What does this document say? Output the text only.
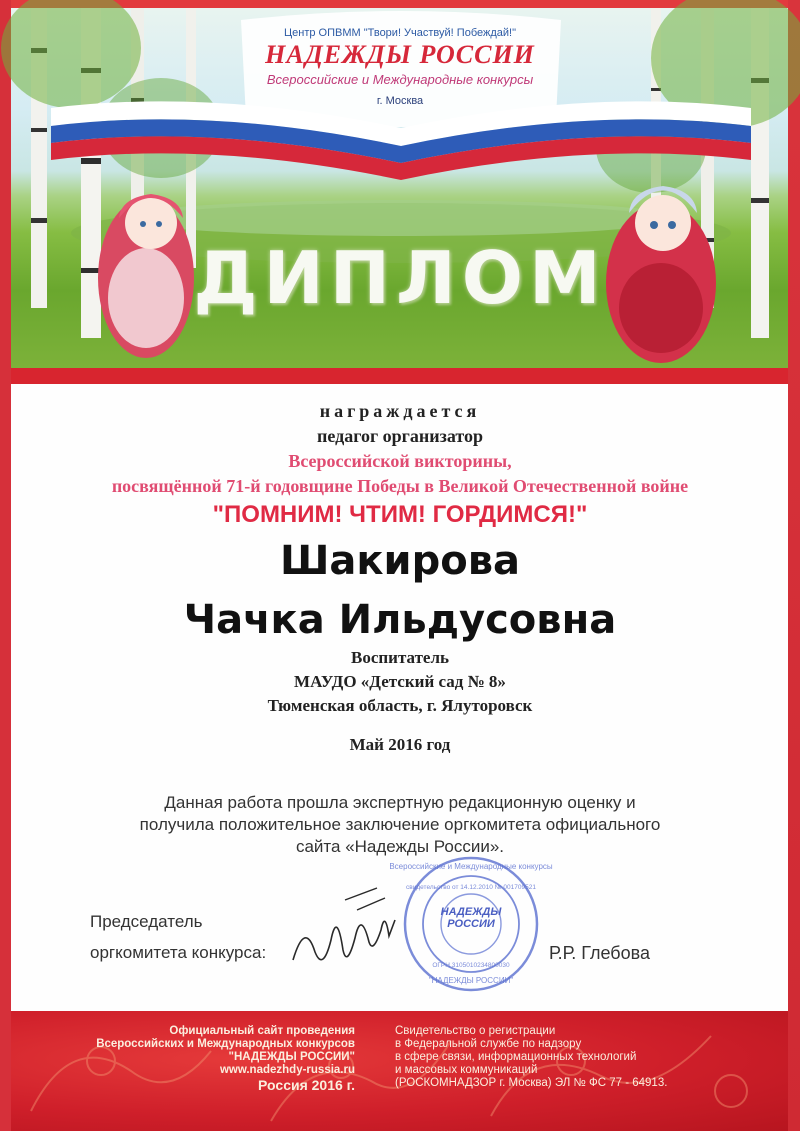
Центр ОПВММ "Твори! Участвуй! Побеждай!"
НАДЕЖДЫ РОССИИ
Всероссийские и Международные конкурсы
г. Москва
ДИПЛОМ
награждается
педагог организатор
Всероссийской викторины,
посвящённой 71-й годовщине Победы в Великой Отечественной войне
"ПОМНИМ! ЧТИМ! ГОРДИМСЯ!"
Шакирова
Чачка Ильдусовна
Воспитатель
МАУДО «Детский сад № 8»
Тюменская область, г. Ялуторовск
Май 2016 год
Данная работа прошла экспертную редакционную оценку и
получила положительное заключение оргкомитета официального
сайта «Надежды России».
Председатель
оргкомитета конкурса:	Р.Р. Глебова
Всероссийские и Международные конкурсы
свидетельство от 14.12.2010 № 001709521
ОГРН 3105010234800030
"НАДЕЖДЫ РОССИИ"
НАДЕЖДЫ
РОССИИ
Официальный сайт проведения
Всероссийских и Международных конкурсов
"НАДЕЖДЫ РОССИИ"
www.nadezhdy-russia.ru
Россия 2016 г.
Свидетельство о регистрации
в Федеральной службе по надзору
в сфере связи, информационных технологий
и массовых коммуникаций
(РОСКОМНАДЗОР г. Москва) ЭЛ № ФС 77 - 64913.
